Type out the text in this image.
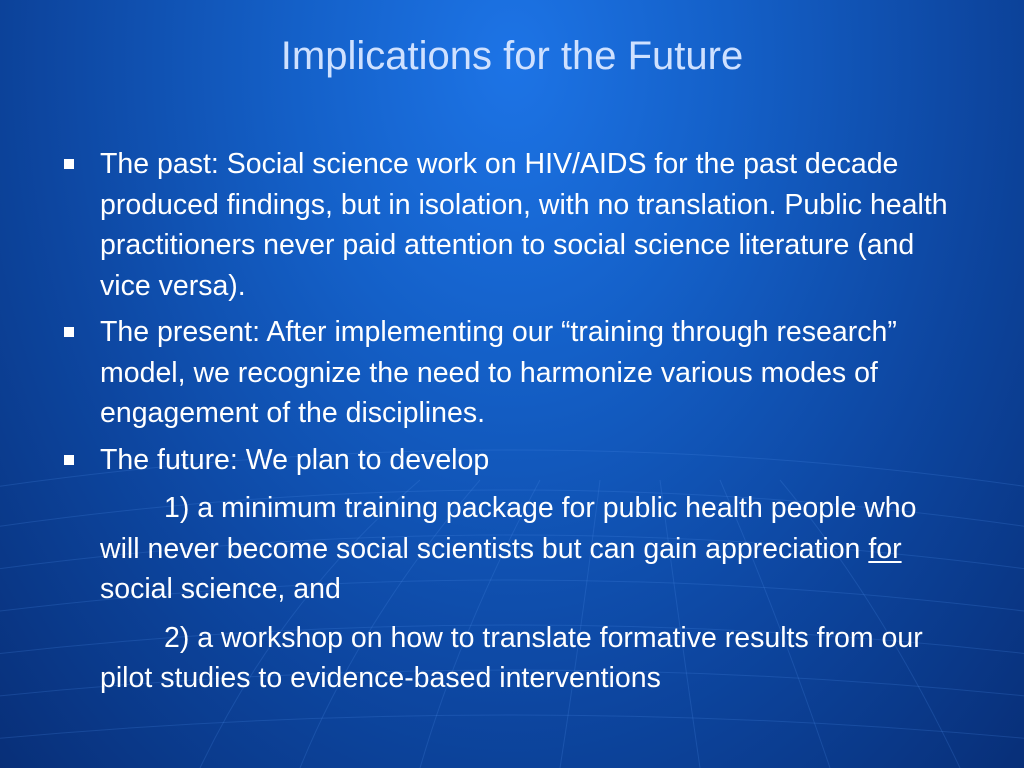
Implications for the Future
The past: Social science work on HIV/AIDS for the past decade produced findings, but in isolation, with no translation. Public health practitioners never paid attention to social science literature (and vice versa).
The present: After implementing our “training through research” model, we recognize the need to harmonize various modes of engagement of the disciplines.
The future: We plan to develop
1) a minimum training package for public health people who will never become social scientists but can gain appreciation for social science, and
2) a workshop on how to translate formative results from our pilot studies to evidence-based interventions
